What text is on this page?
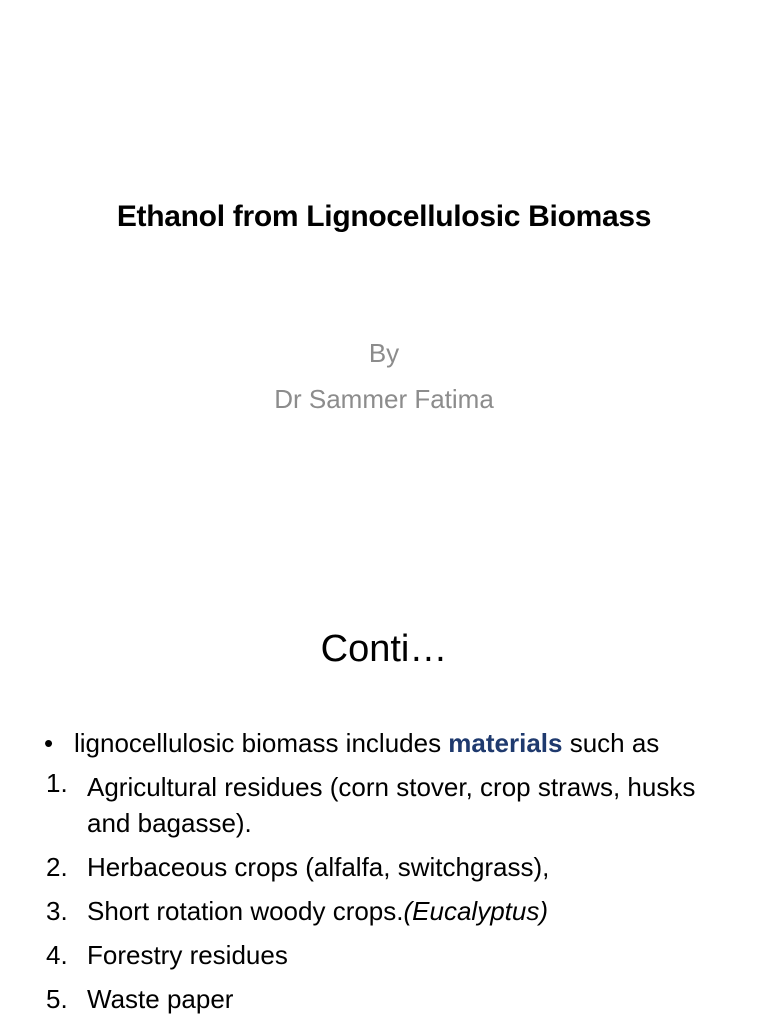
Ethanol from Lignocellulosic Biomass
By
Dr Sammer Fatima
Conti…
• lignocellulosic biomass includes materials such as
1. Agricultural residues (corn stover, crop straws, husks and bagasse).
2. Herbaceous crops (alfalfa, switchgrass),
3. Short rotation woody crops.(Eucalyptus)
4. Forestry residues
5. Waste paper
